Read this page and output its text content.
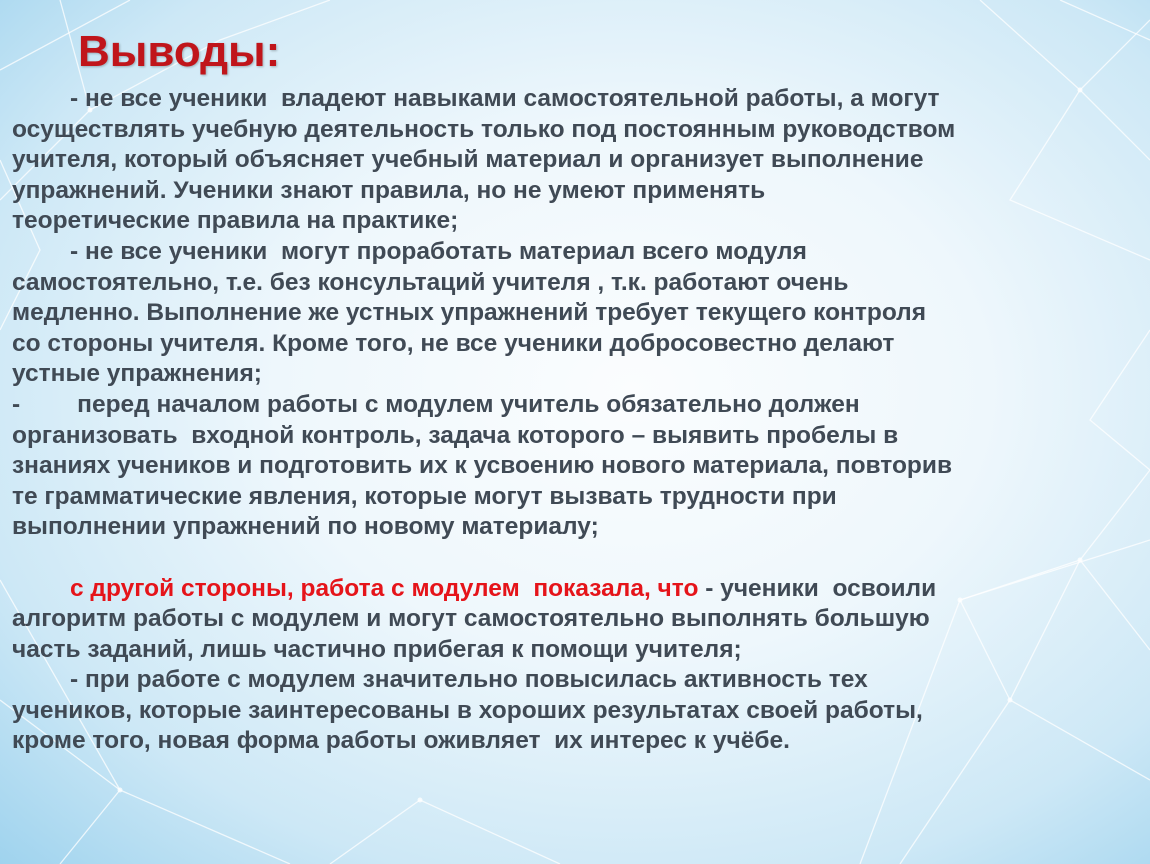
Выводы:
- не все ученики  владеют навыками самостоятельной работы, а могут
осуществлять учебную деятельность только под постоянным руководством
учителя, который объясняет учебный материал и организует выполнение
упражнений. Ученики знают правила, но не умеют применять
теоретические правила на практике;
- не все ученики  могут проработать материал всего модуля
самостоятельно, т.е. без консультаций учителя , т.к. работают очень
медленно. Выполнение же устных упражнений требует текущего контроля
со стороны учителя. Кроме того, не все ученики добросовестно делают
устные упражнения;
- перед началом работы с модулем учитель обязательно должен
организовать  входной контроль, задача которого – выявить пробелы в
знаниях учеников и подготовить их к усвоению нового материала, повторив
те грамматические явления, которые могут вызвать трудности при
выполнении упражнений по новому материалу;
с другой стороны, работа с модулем  показала, что - ученики  освоили
алгоритм работы с модулем и могут самостоятельно выполнять большую
часть заданий, лишь частично прибегая к помощи учителя;
- при работе с модулем значительно повысилась активность тех
учеников, которые заинтересованы в хороших результатах своей работы,
кроме того, новая форма работы оживляет  их интерес к учёбе.
